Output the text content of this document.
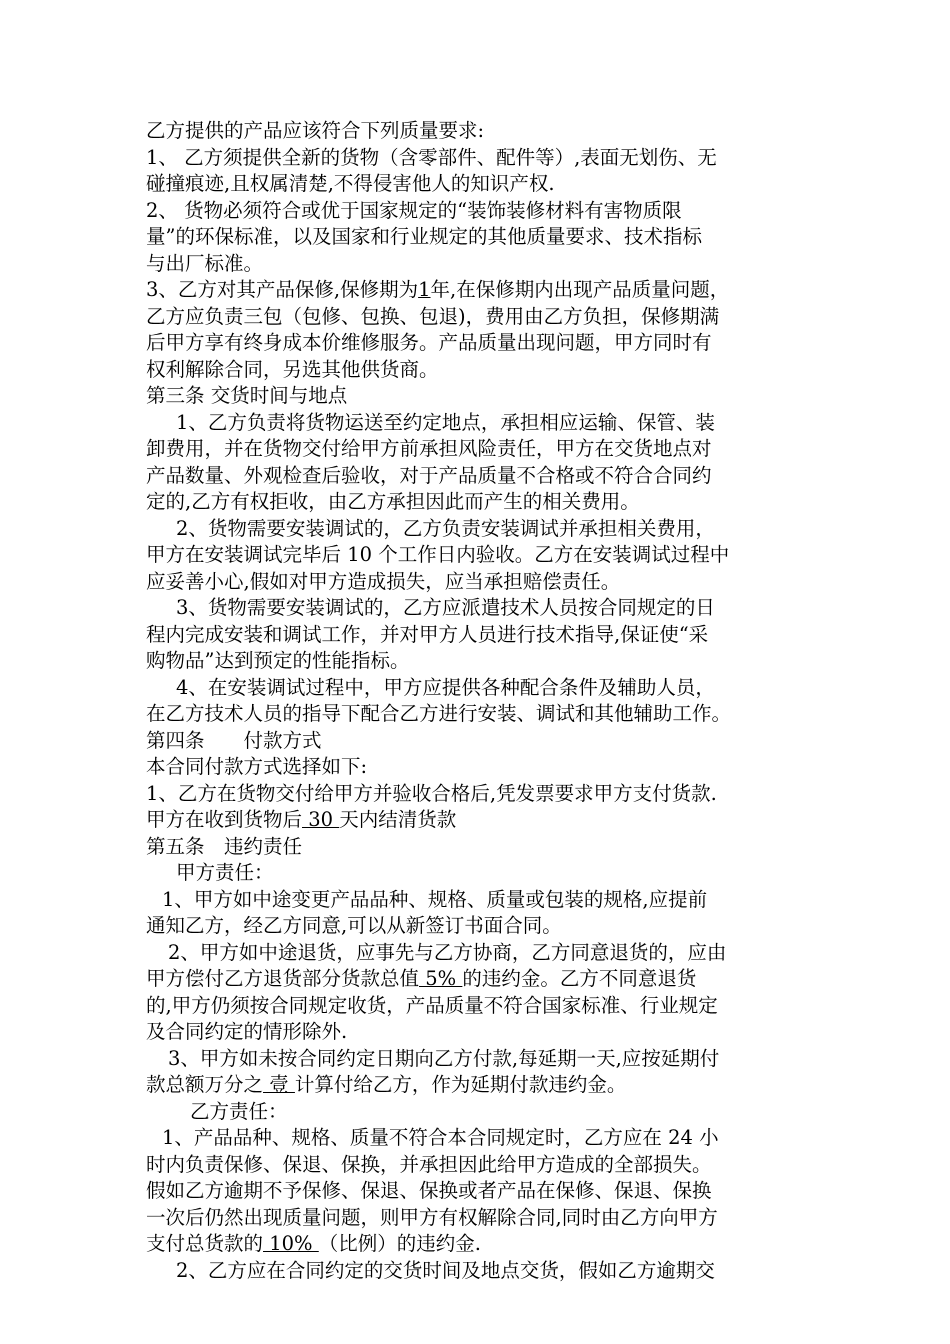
乙方提供的产品应该符合下列质量要求:
1、 乙方须提供全新的货物（含零部件、配件等）,表面无划伤、无
碰撞痕迹,且权属清楚,不得侵害他人的知识产权.
2、 货物必须符合或优于国家规定的“装饰装修材料有害物质限
量”的环保标准，以及国家和行业规定的其他质量要求、技术指标
与出厂标准。
3、乙方对其产品保修,保修期为1年,在保修期内出现产品质量问题，
乙方应负责三包（包修、包换、包退)，费用由乙方负担，保修期满
后甲方享有终身成本价维修服务。产品质量出现问题，甲方同时有
权利解除合同，另选其他供货商。
第三条 交货时间与地点
1、乙方负责将货物运送至约定地点，承担相应运输、保管、装
卸费用，并在货物交付给甲方前承担风险责任，甲方在交货地点对
产品数量、外观检查后验收，对于产品质量不合格或不符合合同约
定的,乙方有权拒收，由乙方承担因此而产生的相关费用。
2、货物需要安装调试的，乙方负责安装调试并承担相关费用，
甲方在安装调试完毕后 10 个工作日内验收。乙方在安装调试过程中
应妥善小心,假如对甲方造成损失，应当承担赔偿责任。
3、货物需要安装调试的，乙方应派遣技术人员按合同规定的日
程内完成安装和调试工作，并对甲方人员进行技术指导,保证使“采
购物品”达到预定的性能指标。
4、在安装调试过程中，甲方应提供各种配合条件及辅助人员，
在乙方技术人员的指导下配合乙方进行安装、调试和其他辅助工作。
第四条　　付款方式
本合同付款方式选择如下:
1、乙方在货物交付给甲方并验收合格后,凭发票要求甲方支付货款.
甲方在收到货物后 30 天内结清货款
第五条　违约责任
甲方责任：
1、甲方如中途变更产品品种、规格、质量或包装的规格,应提前
通知乙方，经乙方同意,可以从新签订书面合同。
2、甲方如中途退货，应事先与乙方协商，乙方同意退货的，应由
甲方偿付乙方退货部分货款总值 5% 的违约金。乙方不同意退货
的,甲方仍须按合同规定收货，产品质量不符合国家标准、行业规定
及合同约定的情形除外.
3、甲方如未按合同约定日期向乙方付款,每延期一天,应按延期付
款总额万分之 壹 计算付给乙方，作为延期付款违约金。
乙方责任：
1、产品品种、规格、质量不符合本合同规定时，乙方应在 24 小
时内负责保修、保退、保换，并承担因此给甲方造成的全部损失。
假如乙方逾期不予保修、保退、保换或者产品在保修、保退、保换
一次后仍然出现质量问题，则甲方有权解除合同,同时由乙方向甲方
支付总货款的 10% （比例）的违约金.
2、乙方应在合同约定的交货时间及地点交货，假如乙方逾期交
